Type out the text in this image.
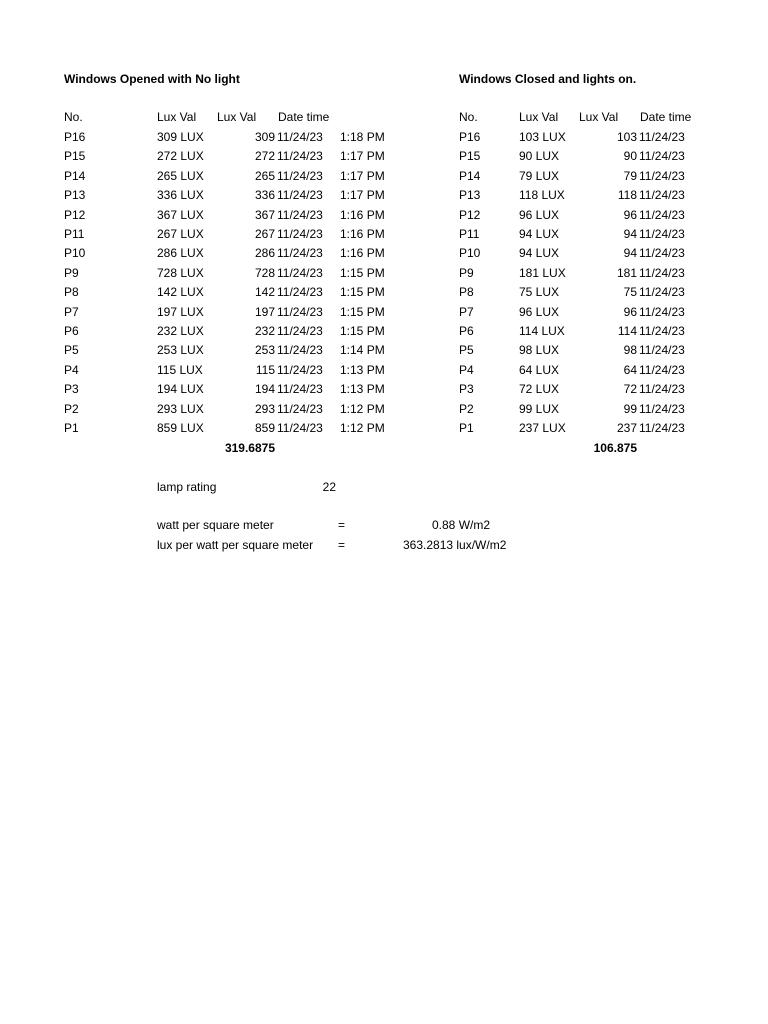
Windows Opened with No light
No.	Lux Val Lux Val Date time
P16	309 LUX	309 11/24/23 1:18 PM
P15	272 LUX	272 11/24/23 1:17 PM
P14	265 LUX	265 11/24/23 1:17 PM
P13	336 LUX	336 11/24/23 1:17 PM
P12	367 LUX	367 11/24/23 1:16 PM
P11	267 LUX	267 11/24/23 1:16 PM
P10	286 LUX	286 11/24/23 1:16 PM
P9	728 LUX	728 11/24/23 1:15 PM
P8	142 LUX	142 11/24/23 1:15 PM
P7	197 LUX	197 11/24/23 1:15 PM
P6	232 LUX	232 11/24/23 1:15 PM
P5	253 LUX	253 11/24/23 1:14 PM
P4	115 LUX	115 11/24/23 1:13 PM
P3	194 LUX	194 11/24/23 1:13 PM
P2	293 LUX	293 11/24/23 1:12 PM
P1	859 LUX	859 11/24/23 1:12 PM
319.6875
Windows Closed and lights on.
No.	Lux Val Lux Val Date time
P16	103 LUX	103 11/24/23
P15	90 LUX	90 11/24/23
P14	79 LUX	79 11/24/23
P13	118 LUX	118 11/24/23
P12	96 LUX	96 11/24/23
P11	94 LUX	94 11/24/23
P10	94 LUX	94 11/24/23
P9	181 LUX	181 11/24/23
P8	75 LUX	75 11/24/23
P7	96 LUX	96 11/24/23
P6	114 LUX	114 11/24/23
P5	98 LUX	98 11/24/23
P4	64 LUX	64 11/24/23
P3	72 LUX	72 11/24/23
P2	99 LUX	99 11/24/23
P1	237 LUX	237 11/24/23
106.875
lamp rating	22
watt per square meter	=	0.88 W/m2
lux per watt per square meter =	363.2813 lux/W/m2
